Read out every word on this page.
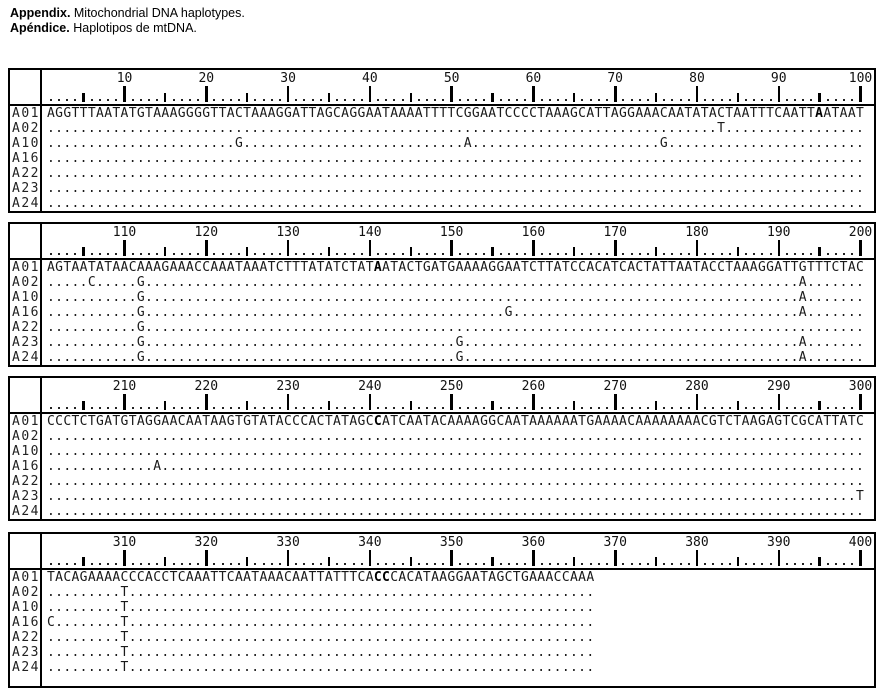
Appendix. Mitochondrial DNA haplotypes.
Apéndice. Haplotipos de mtDNA.
10	20	30	40	50	60	70	80	90	100
A01 AGGTTTAATATGTAAAGGGGTTACTAAAGGATTAGCAGGAATAAAATTTTCGGAATCCCCTAAAGCATTAGGAAACAATATACTAATTTCAATTAATAAT
A02 ..................................................................................T.................
A10 .......................G...........................A.......................G........................
A16 ....................................................................................................
A22 ....................................................................................................
A23 ....................................................................................................
A24 ....................................................................................................
110	120	130	140	150	160	170	180	190	200
A01 AGTAATATAACAAAGAAACCAAATAAATCTTTATATCTATAATACTGATGAAAAGGAATCTTATCCACATCACTATTAATACCTAAAGGATTGTTTCTAC
A02 .....C.....G................................................................................A.......
A10 ...........G................................................................................A.......
A16 ...........G............................................G...................................A.......
A22 ...........G........................................................................................
A23 ...........G......................................G.........................................A.......
A24 ...........G......................................G.........................................A.......
210	220	230	240	250	260	270	280	290	300
A01 CCCTCTGATGTAGGAACAATAAGTGTATACCCACTATAGCCATCAATACAAAAGGCAATAAAAAATGAAAACAAAAAAAACGTCTAAGAGTCGCATTATC
A02 ....................................................................................................
A10 ....................................................................................................
A16 .............A......................................................................................
A22 ....................................................................................................
A23 ...................................................................................................T
A24 ....................................................................................................
310	320	330	340	350	360	370	380	390	400
A01 TACAGAAAACCCACCTCAAATTCAATAAACAATTATTTCACCCACATAAGGAATAGCTGAAACCAAA
A02 .........T.........................................................
A10 .........T.........................................................
A16 C........T.........................................................
A22 .........T.........................................................
A23 .........T.........................................................
A24 .........T.........................................................
